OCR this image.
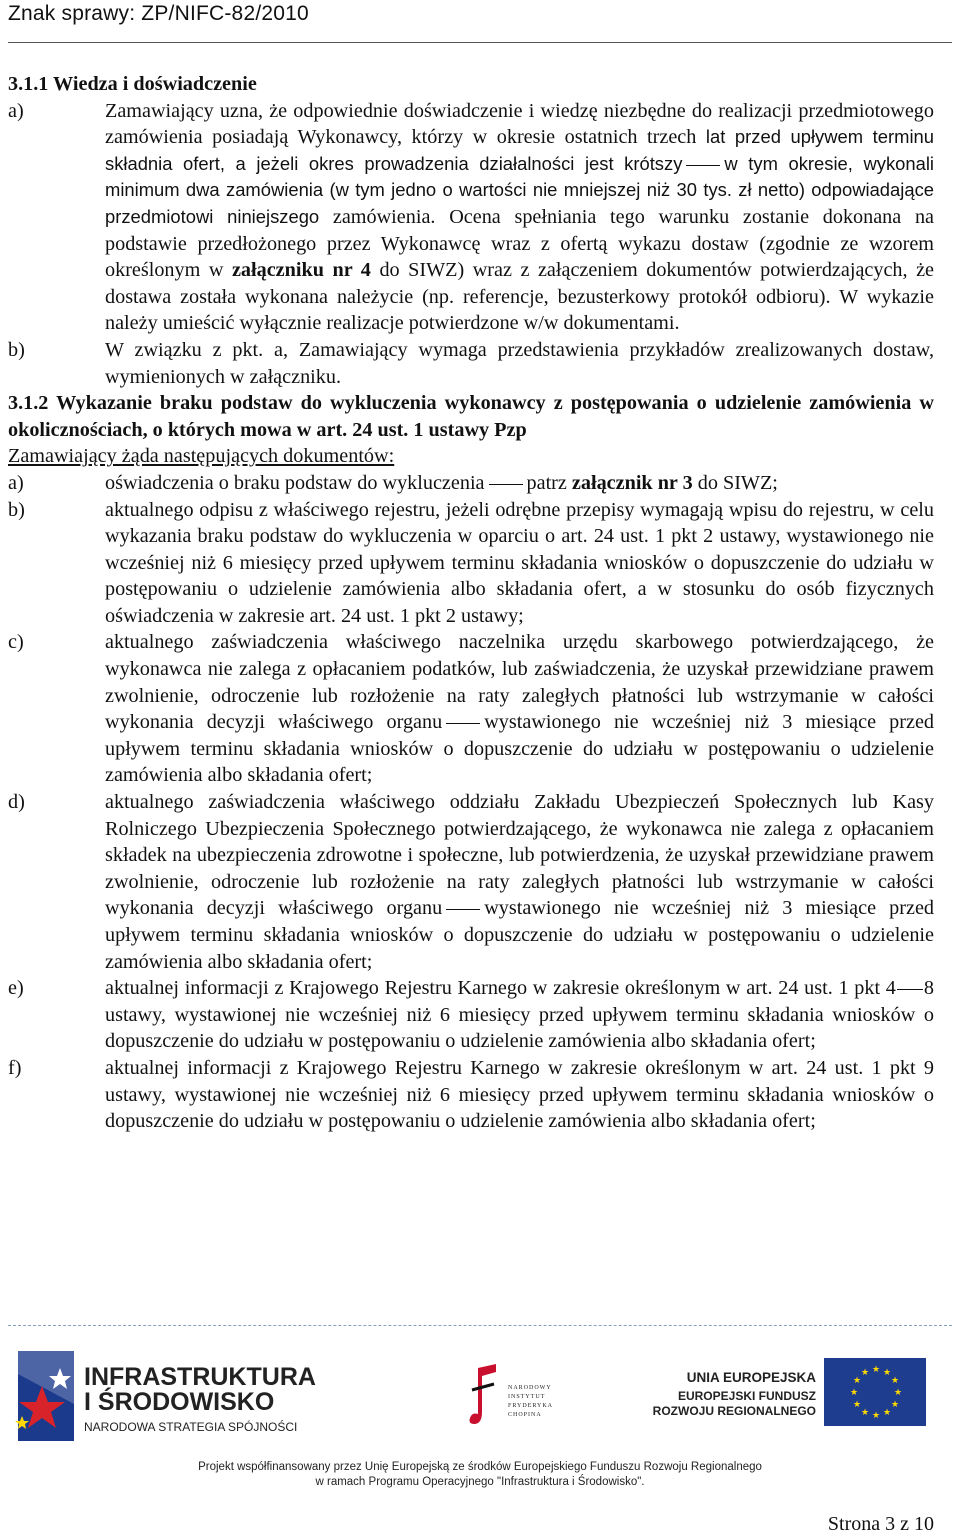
Znak sprawy: ZP/NIFC-82/2010
3.1.1 Wiedza i doświadczenie
a)	Zamawiający uzna, że odpowiednie doświadczenie i wiedzę niezbędne do realizacji przedmiotowego zamówienia posiadają Wykonawcy, którzy w okresie ostatnich trzech lat przed upływem terminu składnia ofert, a jeżeli okres prowadzenia działalności jest krótszy w tym okresie, wykonali minimum dwa zamówienia (w tym jedno o wartości nie mniejszej niż 30 tys. zł netto) odpowiadające przedmiotowi niniejszego zamówienia. Ocena spełniania tego warunku zostanie dokonana na podstawie przedłożonego przez Wykonawcę wraz z ofertą wykazu dostaw (zgodnie ze wzorem określonym w załączniku nr 4 do SIWZ) wraz z załączeniem dokumentów potwierdzających, że dostawa została wykonana należycie (np. referencje, bezusterkowy protokół odbioru). W wykazie należy umieścić wyłącznie realizacje potwierdzone w/w dokumentami.
b)	W związku z pkt. a, Zamawiający wymaga przedstawienia przykładów zrealizowanych dostaw, wymienionych w załączniku.
3.1.2 Wykazanie braku podstaw do wykluczenia wykonawcy z postępowania o udzielenie zamówienia w okolicznościach, o których mowa w art. 24 ust. 1 ustawy Pzp
Zamawiający żąda następujących dokumentów:
a)	oświadczenia o braku podstaw do wykluczenia patrz załącznik nr 3 do SIWZ;
b)	aktualnego odpisu z właściwego rejestru, jeżeli odrębne przepisy wymagają wpisu do rejestru, w celu wykazania braku podstaw do wykluczenia w oparciu o art. 24 ust. 1 pkt 2 ustawy, wystawionego nie wcześniej niż 6 miesięcy przed upływem terminu składania wniosków o dopuszczenie do udziału w postępowaniu o udzielenie zamówienia albo składania ofert, a w stosunku do osób fizycznych oświadczenia w zakresie art. 24 ust. 1 pkt 2 ustawy;
c)	aktualnego zaświadczenia właściwego naczelnika urzędu skarbowego potwierdzającego, że wykonawca nie zalega z opłacaniem podatków, lub zaświadczenia, że uzyskał przewidziane prawem zwolnienie, odroczenie lub rozłożenie na raty zaległych płatności lub wstrzymanie w całości wykonania decyzji właściwego organu wystawionego nie wcześniej niż 3 miesiące przed upływem terminu składania wniosków o dopuszczenie do udziału w postępowaniu o udzielenie zamówienia albo składania ofert;
d)	aktualnego zaświadczenia właściwego oddziału Zakładu Ubezpieczeń Społecznych lub Kasy Rolniczego Ubezpieczenia Społecznego potwierdzającego, że wykonawca nie zalega z opłacaniem składek na ubezpieczenia zdrowotne i społeczne, lub potwierdzenia, że uzyskał przewidziane prawem zwolnienie, odroczenie lub rozłożenie na raty zaległych płatności lub wstrzymanie w całości wykonania decyzji właściwego organu wystawionego nie wcześniej niż 3 miesiące przed upływem terminu składania wniosków o dopuszczenie do udziału w postępowaniu o udzielenie zamówienia albo składania ofert;
e)	aktualnej informacji z Krajowego Rejestru Karnego w zakresie określonym w art. 24 ust. 1 pkt 4 8 ustawy, wystawionej nie wcześniej niż 6 miesięcy przed upływem terminu składania wniosków o dopuszczenie do udziału w postępowaniu o udzielenie zamówienia albo składania ofert;
f)	aktualnej informacji z Krajowego Rejestru Karnego w zakresie określonym w art. 24 ust. 1 pkt 9 ustawy, wystawionej nie wcześniej niż 6 miesięcy przed upływem terminu składania wniosków o dopuszczenie do udziału w postępowaniu o udzielenie zamówienia albo składania ofert;
INFRASTRUKTURA
I ŚRODOWISKO
NARODOWA STRATEGIA SPÓJNOŚCI
NARODOWY
INSTYTUT
FRYDERYKA
CHOPINA
UNIA EUROPEJSKA
EUROPEJSKI FUNDUSZ
ROZWOJU REGIONALNEGO
★ ★
★
★
★
★
★
★
★
★
★
★
Projekt współfinansowany przez Unię Europejską ze środków Europejskiego Funduszu Rozwoju Regionalnego
w ramach Programu Operacyjnego "Infrastruktura i Środowisko".
Strona 3 z 10
